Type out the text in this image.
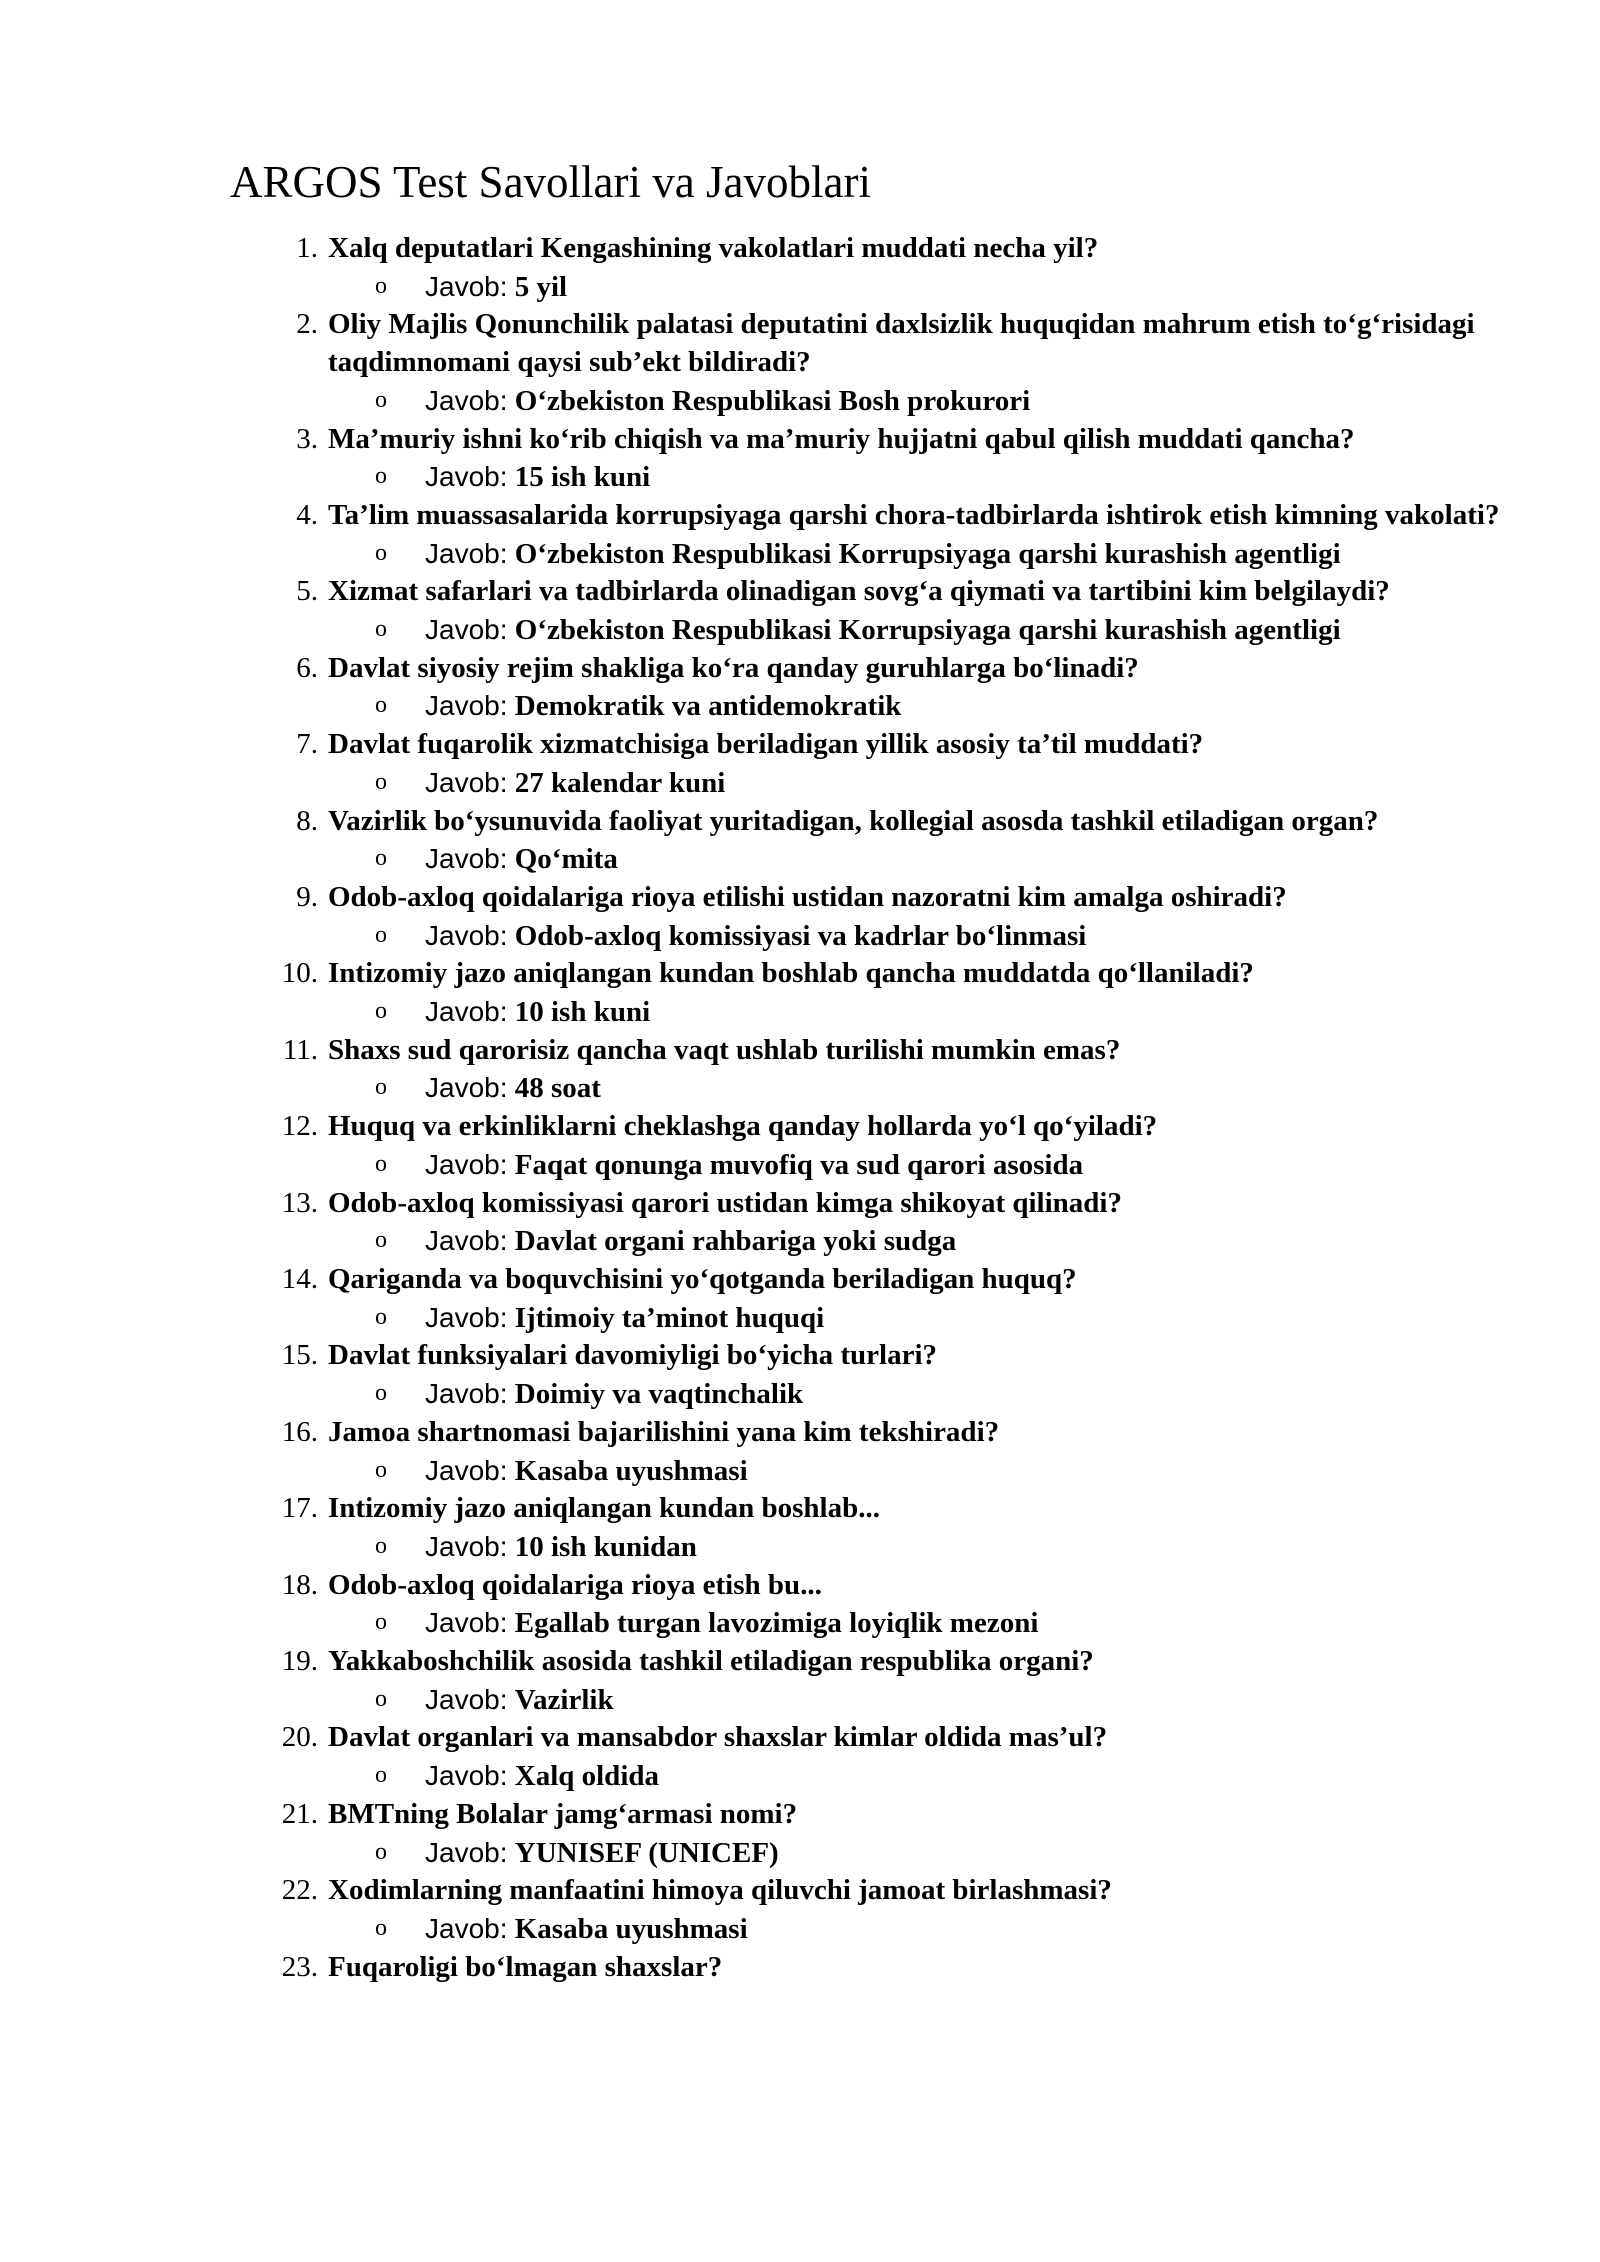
ARGOS Test Savollari va Javoblari
1. Xalq deputatlari Kengashining vakolatlari muddati necha yil?
o Javob: 5 yil
2. Oliy Majlis Qonunchilik palatasi deputatini daxlsizlik huquqidan mahrum etish to‘g‘risidagi taqdimnomani qaysi sub’ekt bildiradi?
o Javob: O‘zbekiston Respublikasi Bosh prokurori
3. Ma’muriy ishni ko‘rib chiqish va ma’muriy hujjatni qabul qilish muddati qancha?
o Javob: 15 ish kuni
4. Ta’lim muassasalarida korrupsiyaga qarshi chora-tadbirlarda ishtirok etish kimning vakolati?
o Javob: O‘zbekiston Respublikasi Korrupsiyaga qarshi kurashish agentligi
5. Xizmat safarlari va tadbirlarda olinadigan sovg‘a qiymati va tartibini kim belgilaydi?
o Javob: O‘zbekiston Respublikasi Korrupsiyaga qarshi kurashish agentligi
6. Davlat siyosiy rejim shakliga ko‘ra qanday guruhlarga bo‘linadi?
o Javob: Demokratik va antidemokratik
7. Davlat fuqarolik xizmatchisiga beriladigan yillik asosiy ta’til muddati?
o Javob: 27 kalendar kuni
8. Vazirlik bo‘ysunuvida faoliyat yuritadigan, kollegial asosda tashkil etiladigan organ?
o Javob: Qo‘mita
9. Odob-axloq qoidalariga rioya etilishi ustidan nazoratni kim amalga oshiradi?
o Javob: Odob-axloq komissiyasi va kadrlar bo‘linmasi
10. Intizomiy jazo aniqlangan kundan boshlab qancha muddatda qo‘llaniladi?
o Javob: 10 ish kuni
11. Shaxs sud qarorisiz qancha vaqt ushlab turilishi mumkin emas?
o Javob: 48 soat
12. Huquq va erkinliklarni cheklashga qanday hollarda yo‘l qo‘yiladi?
o Javob: Faqat qonunga muvofiq va sud qarori asosida
13. Odob-axloq komissiyasi qarori ustidan kimga shikoyat qilinadi?
o Javob: Davlat organi rahbariga yoki sudga
14. Qariganda va boquvchisini yo‘qotganda beriladigan huquq?
o Javob: Ijtimoiy ta’minot huquqi
15. Davlat funksiyalari davomiyligi bo‘yicha turlari?
o Javob: Doimiy va vaqtinchalik
16. Jamoa shartnomasi bajarilishini yana kim tekshiradi?
o Javob: Kasaba uyushmasi
17. Intizomiy jazo aniqlangan kundan boshlab...
o Javob: 10 ish kunidan
18. Odob-axloq qoidalariga rioya etish bu...
o Javob: Egallab turgan lavozimiga loyiqlik mezoni
19. Yakkaboshchilik asosida tashkil etiladigan respublika organi?
o Javob: Vazirlik
20. Davlat organlari va mansabdor shaxslar kimlar oldida mas’ul?
o Javob: Xalq oldida
21. BMTning Bolalar jamg‘armasi nomi?
o Javob: YUNISEF (UNICEF)
22. Xodimlarning manfaatini himoya qiluvchi jamoat birlashmasi?
o Javob: Kasaba uyushmasi
23. Fuqaroligi bo‘lmagan shaxslar?
